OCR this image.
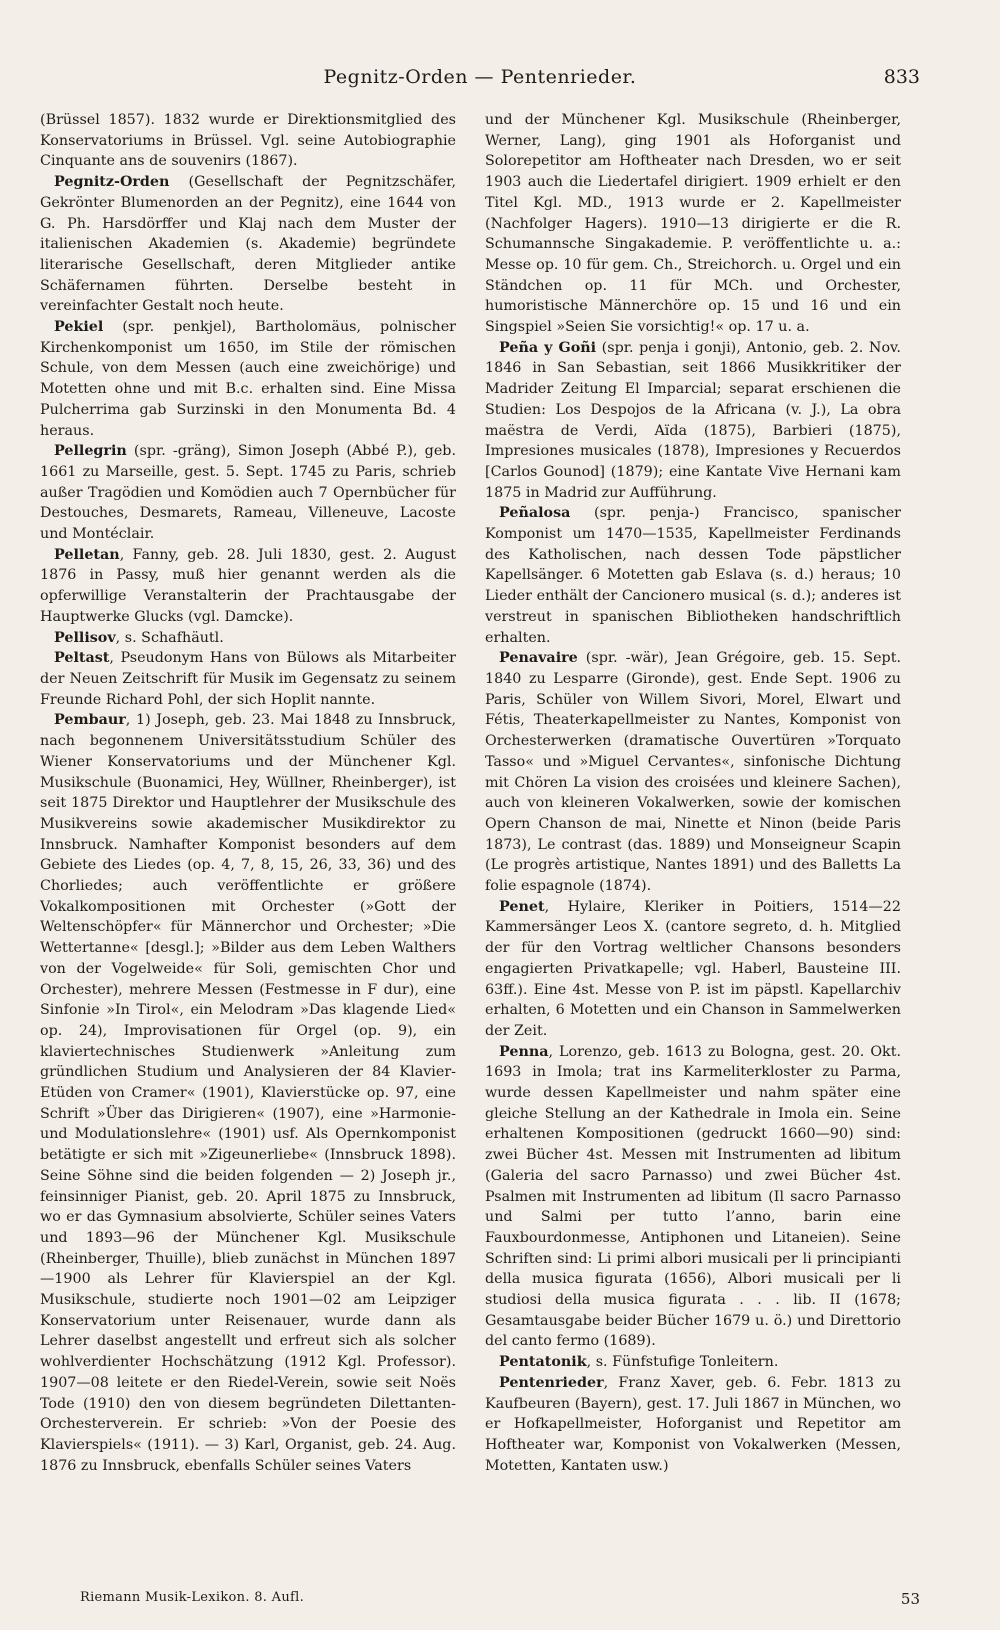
Pegnitz-Orden — Pentenrieder.	833

(Brüssel 1857). 1832 wurde er Direktionsmitglied des Konservatoriums in Brüssel. Vgl. seine Autobiographie Cinquante ans de souvenirs (1867).

Pegnitz-Orden (Gesellschaft der Pegnitzschäfer, Gekrönter Blumenorden an der Pegnitz), eine 1644 von G. Ph. Harsdörffer und Klaj nach dem Muster der italienischen Akademien (s. Akademie) begründete literarische Gesellschaft, deren Mitglieder antike Schäfernamen führten. Derselbe besteht in vereinfachter Gestalt noch heute.

Pekiel (spr. penkjel), Bartholomäus, polnischer Kirchenkomponist um 1650, im Stile der römischen Schule, von dem Messen (auch eine zweichörige) und Motetten ohne und mit B.c. erhalten sind. Eine Missa Pulcherrima gab Surzinski in den Monumenta Bd. 4 heraus.

Pellegrin (spr. -gräng), Simon Joseph (Abbé P.), geb. 1661 zu Marseille, gest. 5. Sept. 1745 zu Paris, schrieb außer Tragödien und Komödien auch 7 Opernbücher für Destouches, Desmarets, Rameau, Villeneuve, Lacoste und Montéclair.

Pelletan, Fanny, geb. 28. Juli 1830, gest. 2. August 1876 in Passy, muß hier genannt werden als die opferwillige Veranstalterin der Prachtausgabe der Hauptwerke Glucks (vgl. Damcke).

Pellisov, s. Schafhäutl.

Peltast, Pseudonym Hans von Bülows als Mitarbeiter der Neuen Zeitschrift für Musik im Gegensatz zu seinem Freunde Richard Pohl, der sich Hoplit nannte.

Pembaur, 1) Joseph, geb. 23. Mai 1848 zu Innsbruck, nach begonnenem Universitätsstudium Schüler des Wiener Konservatoriums und der Münchener Kgl. Musikschule (Buonamici, Hey, Wüllner, Rheinberger), ist seit 1875 Direktor und Hauptlehrer der Musikschule des Musikvereins sowie akademischer Musikdirektor zu Innsbruck. Namhafter Komponist besonders auf dem Gebiete des Liedes (op. 4, 7, 8, 15, 26, 33, 36) und des Chorliedes; auch veröffentlichte er größere Vokalkompositionen mit Orchester (»Gott der Weltenschöpfer« für Männerchor und Orchester; »Die Wettertanne« [desgl.]; »Bilder aus dem Leben Walthers von der Vogelweide« für Soli, gemischten Chor und Orchester), mehrere Messen (Festmesse in F dur), eine Sinfonie »In Tirol«, ein Melodram »Das klagende Lied« op. 24), Improvisationen für Orgel (op. 9), ein klaviertechnisches Studienwerk »Anleitung zum gründlichen Studium und Analysieren der 84 Klavier-Etüden von Cramer« (1901), Klavierstücke op. 97, eine Schrift »Über das Dirigieren« (1907), eine »Harmonie- und Modulationslehre« (1901) usf. Als Opernkomponist betätigte er sich mit »Zigeunerliebe« (Innsbruck 1898). Seine Söhne sind die beiden folgenden — 2) Joseph jr., feinsinniger Pianist, geb. 20. April 1875 zu Innsbruck, wo er das Gymnasium absolvierte, Schüler seines Vaters und 1893—96 der Münchener Kgl. Musikschule (Rheinberger, Thuille), blieb zunächst in München 1897—1900 als Lehrer für Klavierspiel an der Kgl. Musikschule, studierte noch 1901—02 am Leipziger Konservatorium unter Reisenauer, wurde dann als Lehrer daselbst angestellt und erfreut sich als solcher wohlverdienter Hochschätzung (1912 Kgl. Professor). 1907—08 leitete er den Riedel-Verein, sowie seit Noës Tode (1910) den von diesem begründeten Dilettanten-Orchesterverein. Er schrieb: »Von der Poesie des Klavierspiels« (1911). — 3) Karl, Organist, geb. 24. Aug. 1876 zu Innsbruck, ebenfalls Schüler seines Vaters

und der Münchener Kgl. Musikschule (Rheinberger, Werner, Lang), ging 1901 als Hoforganist und Solorepetitor am Hoftheater nach Dresden, wo er seit 1903 auch die Liedertafel dirigiert. 1909 erhielt er den Titel Kgl. MD., 1913 wurde er 2. Kapellmeister (Nachfolger Hagers). 1910—13 dirigierte er die R. Schumannsche Singakademie. P. veröffentlichte u. a.: Messe op. 10 für gem. Ch., Streichorch. u. Orgel und ein Ständchen op. 11 für MCh. und Orchester, humoristische Männerchöre op. 15 und 16 und ein Singspiel »Seien Sie vorsichtig!« op. 17 u. a.

Peña y Goñi (spr. penja i gonji), Antonio, geb. 2. Nov. 1846 in San Sebastian, seit 1866 Musikkritiker der Madrider Zeitung El Imparcial; separat erschienen die Studien: Los Despojos de la Africana (v. J.), La obra maëstra de Verdi, Aïda (1875), Barbieri (1875), Impresiones musicales (1878), Impresiones y Recuerdos [Carlos Gounod] (1879); eine Kantate Vive Hernani kam 1875 in Madrid zur Aufführung.

Peñalosa (spr. penja-) Francisco, spanischer Komponist um 1470—1535, Kapellmeister Ferdinands des Katholischen, nach dessen Tode päpstlicher Kapellsänger. 6 Motetten gab Eslava (s. d.) heraus; 10 Lieder enthält der Cancionero musical (s. d.); anderes ist verstreut in spanischen Bibliotheken handschriftlich erhalten.

Penavaire (spr. -wär), Jean Grégoire, geb. 15. Sept. 1840 zu Lesparre (Gironde), gest. Ende Sept. 1906 zu Paris, Schüler von Willem Sivori, Morel, Elwart und Fétis, Theaterkapellmeister zu Nantes, Komponist von Orchesterwerken (dramatische Ouvertüren »Torquato Tasso« und »Miguel Cervantes«, sinfonische Dichtung mit Chören La vision des croisées und kleinere Sachen), auch von kleineren Vokalwerken, sowie der komischen Opern Chanson de mai, Ninette et Ninon (beide Paris 1873), Le contrast (das. 1889) und Monseigneur Scapin (Le progrès artistique, Nantes 1891) und des Balletts La folie espagnole (1874).

Penet, Hylaire, Kleriker in Poitiers, 1514—22 Kammersänger Leos X. (cantore segreto, d. h. Mitglied der für den Vortrag weltlicher Chansons besonders engagierten Privatkapelle; vgl. Haberl, Bausteine III. 63ff.). Eine 4st. Messe von P. ist im päpstl. Kapellarchiv erhalten, 6 Motetten und ein Chanson in Sammelwerken der Zeit.

Penna, Lorenzo, geb. 1613 zu Bologna, gest. 20. Okt. 1693 in Imola; trat ins Karmeliterkloster zu Parma, wurde dessen Kapellmeister und nahm später eine gleiche Stellung an der Kathedrale in Imola ein. Seine erhaltenen Kompositionen (gedruckt 1660—90) sind: zwei Bücher 4st. Messen mit Instrumenten ad libitum (Galeria del sacro Parnasso) und zwei Bücher 4st. Psalmen mit Instrumenten ad libitum (Il sacro Parnasso und Salmi per tutto l’anno, barin eine Fauxbourdonmesse, Antiphonen und Litaneien). Seine Schriften sind: Li primi albori musicali per li principianti della musica figurata (1656), Albori musicali per li studiosi della musica figurata . . . lib. II (1678; Gesamtausgabe beider Bücher 1679 u. ö.) und Direttorio del canto fermo (1689).

Pentatonik, s. Fünfstufige Tonleitern.

Pentenrieder, Franz Xaver, geb. 6. Febr. 1813 zu Kaufbeuren (Bayern), gest. 17. Juli 1867 in München, wo er Hofkapellmeister, Hoforganist und Repetitor am Hoftheater war, Komponist von Vokalwerken (Messen, Motetten, Kantaten usw.)

Riemann Musik-Lexikon. 8. Aufl.	53
